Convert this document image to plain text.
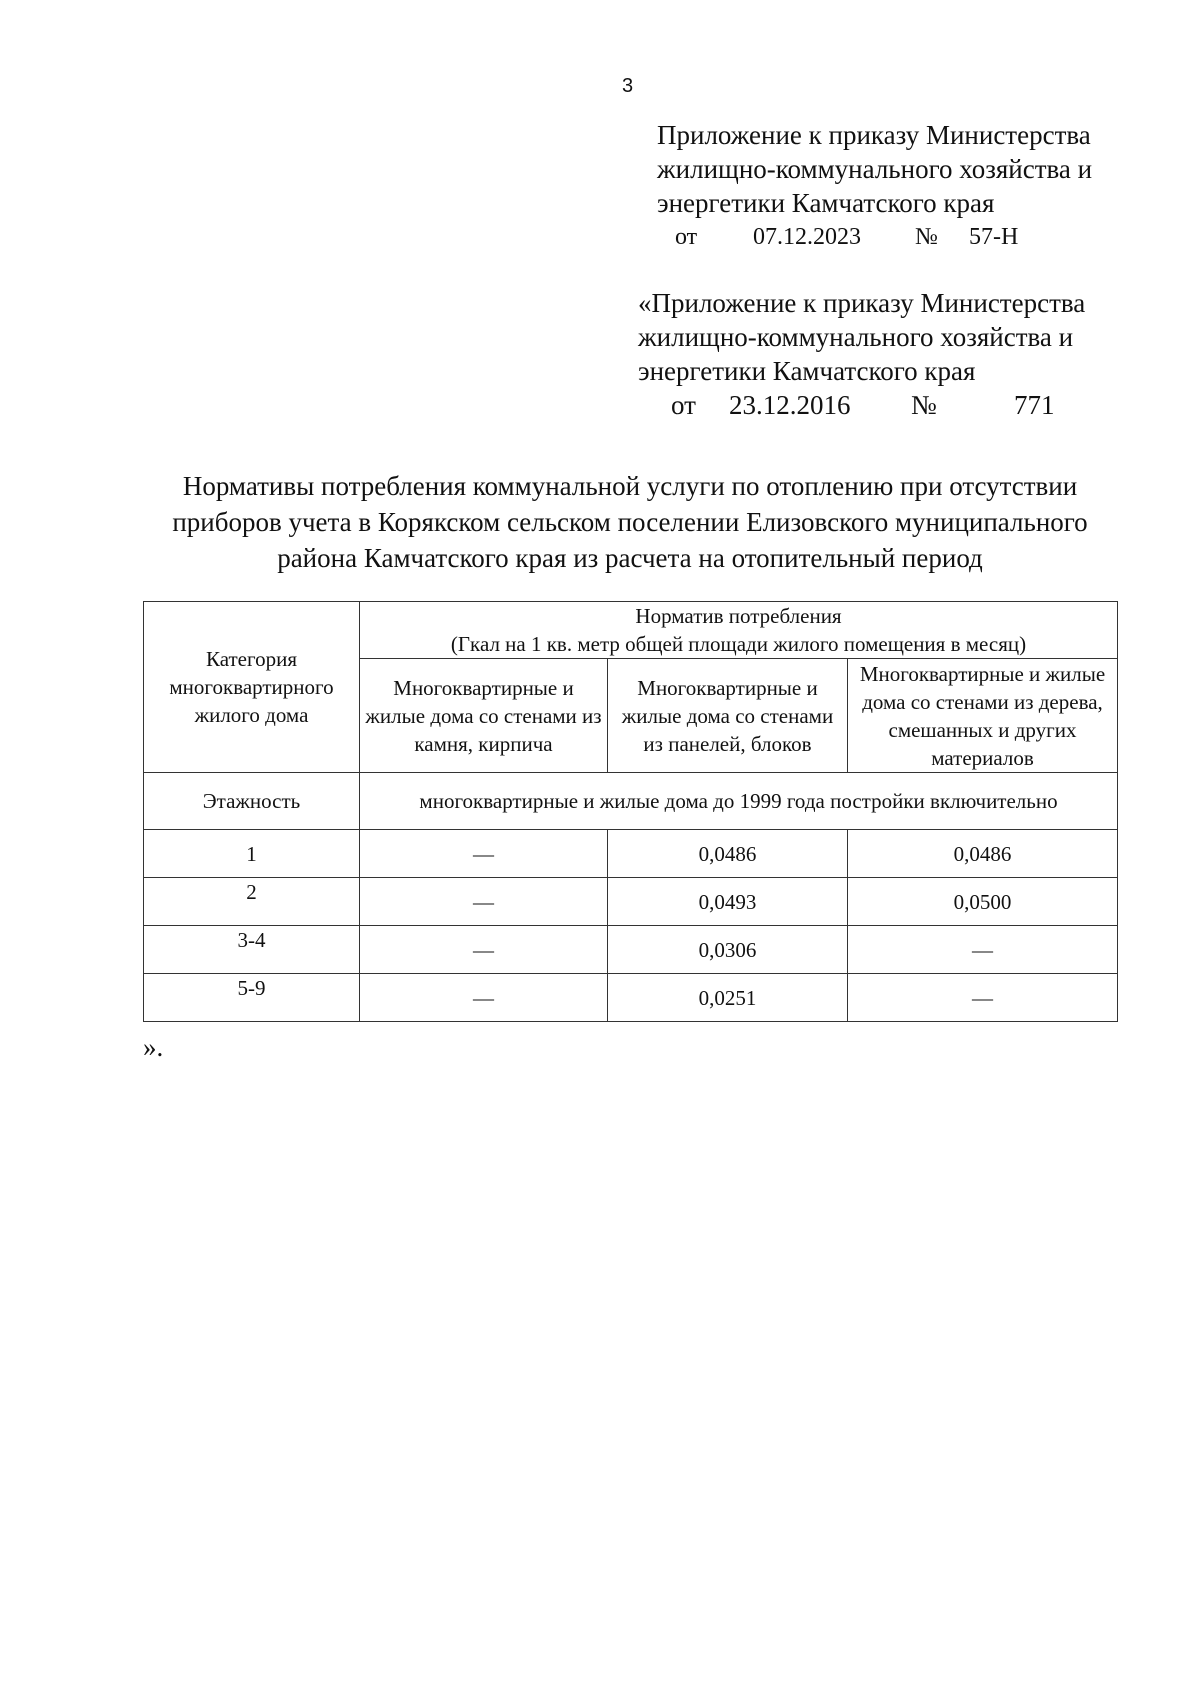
3
Приложение к приказу Министерства
жилищно-коммунального хозяйства и
энергетики Камчатского края
от 07.12.2023 № 57-Н
«Приложение к приказу Министерства
жилищно-коммунального хозяйства и
энергетики Камчатского края
от 23.12.2016 №	771
Нормативы потребления коммунальной услуги по отоплению при отсутствии
приборов учета в Корякском сельском поселении Елизовского муниципального
района Камчатского края из расчета на отопительный период
Категория многоквартирного жилого дома	Норматив потребления
(Гкал на 1 кв. метр общей площади жилого помещения в месяц)		

	Многоквартирные и жилые дома со стенами из камня, кирпича	Многоквартирные и жилые дома со стенами из панелей, блоков	Многоквартирные и жилые дома со стенами из дерева, смешанных и других материалов
Этажность	многоквартирные и жилые дома до 1999 года постройки включительно		
1	—	0,0486	0,0486
2	—	0,0493	0,0500
3-4	—	0,0306	—
5-9	—	0,0251	—
».
